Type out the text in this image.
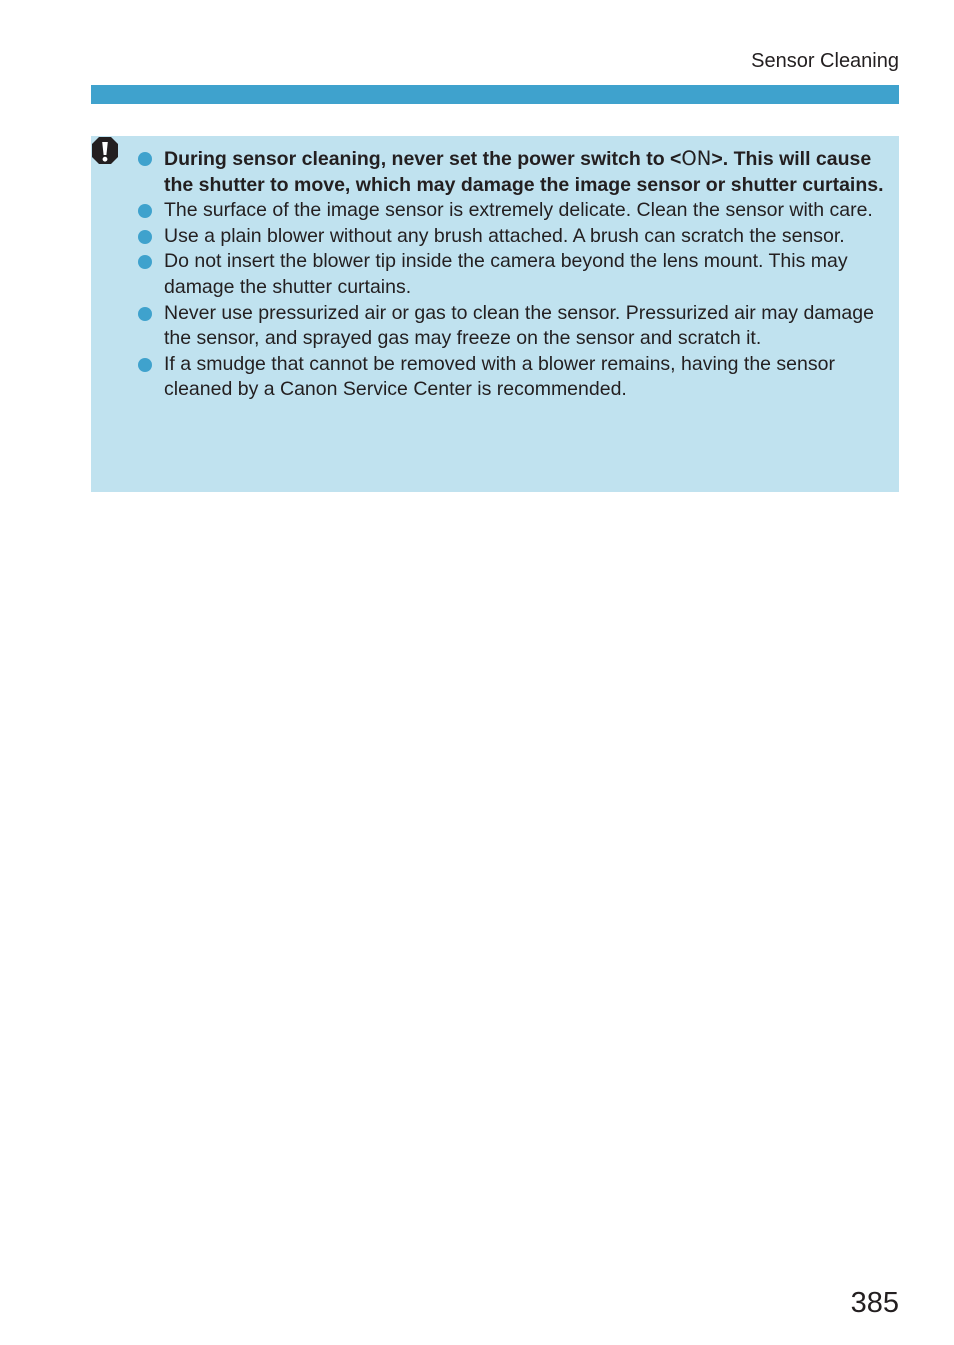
Sensor Cleaning
During sensor cleaning, never set the power switch to <ON>. This will cause the shutter to move, which may damage the image sensor or shutter curtains.
The surface of the image sensor is extremely delicate. Clean the sensor with care.
Use a plain blower without any brush attached. A brush can scratch the sensor.
Do not insert the blower tip inside the camera beyond the lens mount. This may damage the shutter curtains.
Never use pressurized air or gas to clean the sensor. Pressurized air may damage the sensor, and sprayed gas may freeze on the sensor and scratch it.
If a smudge that cannot be removed with a blower remains, having the sensor cleaned by a Canon Service Center is recommended.
385
